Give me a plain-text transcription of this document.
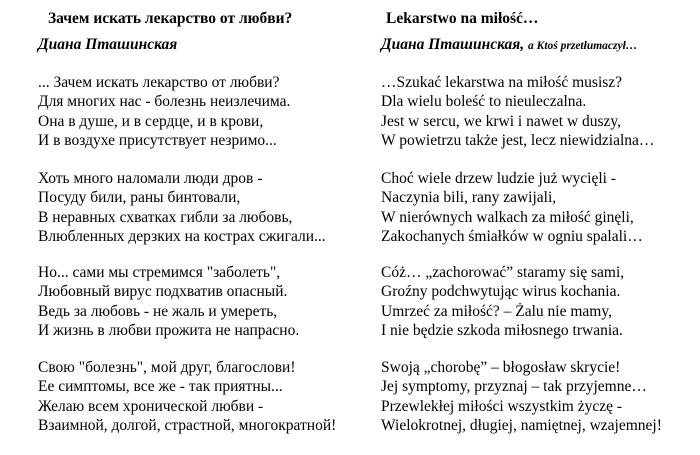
Зачем искать лекарство от любви?
Диана Пташинская
... Зачем искать лекарство от любви?
Для многих нас - болезнь неизлечима.
Она в душе, и в сердце, и в крови,
И в воздухе присутствует незримо...
Хоть много наломали люди дров -
Посуду били, раны бинтовали,
В неравных схватках гибли за любовь,
Влюбленных дерзких на кострах сжигали...
Но... сами мы стремимся "заболеть",
Любовный вирус подхватив опасный.
Ведь за любовь - не жаль и умереть,
И жизнь в любви прожита не напрасно.
Свою "болезнь", мой друг, благослови!
Ее симптомы, все же - так приятны...
Желаю всем хронической любви -
Взаимной, долгой, страстной, многократной!
Lekarstwo na miłość…
Диана Пташинская, a Ktoś przetłumaczył…
…Szukać lekarstwa na miłość musisz?
Dla wielu boleść to nieuleczalna.
Jest w sercu, we krwi i nawet w duszy,
W powietrzu także jest, lecz niewidzialna…
Choć wiele drzew ludzie już wycięli -
Naczynia bili, rany zawijali,
W nierównych walkach za miłość ginęli,
Zakochanych śmiałków w ogniu spalali…
Cóż… „zachorować” staramy się sami,
Groźny podchwytując wirus kochania.
Umrzeć za miłość? – Żalu nie mamy,
I nie będzie szkoda miłosnego trwania.
Swoją „chorobę” – błogosław skrycie!
Jej symptomy, przyznaj – tak przyjemne…
Przewlekłej miłości wszystkim życzę -
Wielokrotnej, długiej, namiętnej, wzajemnej!
